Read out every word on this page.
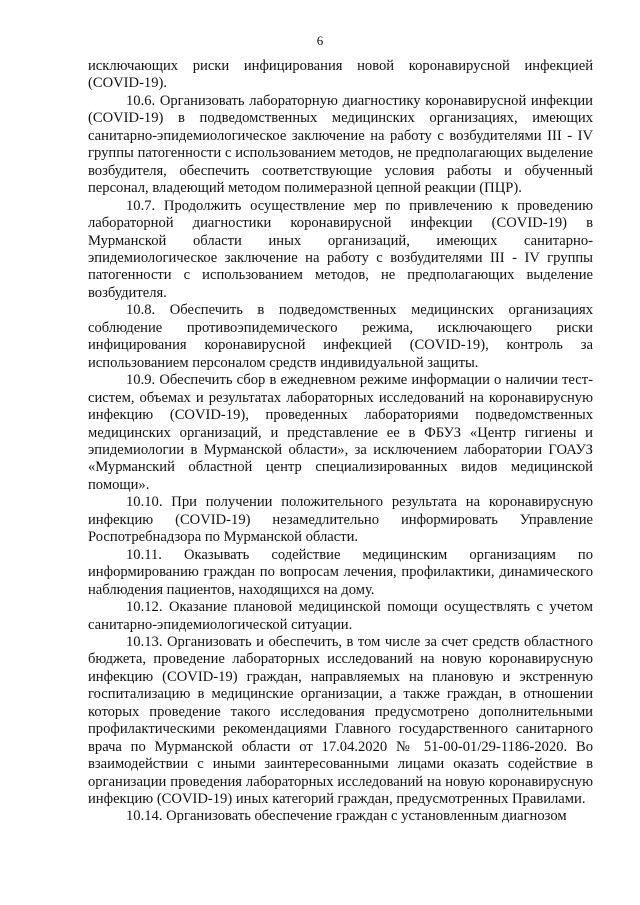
6

исключающих риски инфицирования новой коронавирусной инфекцией (COVID-19).

10.6. Организовать лабораторную диагностику коронавирусной инфекции (COVID-19) в подведомственных медицинских организациях, имеющих санитарно-эпидемиологическое заключение на работу с возбудителями III - IV группы патогенности с использованием методов, не предполагающих выделение возбудителя, обеспечить соответствующие условия работы и обученный персонал, владеющий методом полимеразной цепной реакции (ПЦР).

10.7. Продолжить осуществление мер по привлечению к проведению лабораторной диагностики коронавирусной инфекции (COVID-19) в Мурманской области иных организаций, имеющих санитарно-эпидемиологическое заключение на работу с возбудителями III - IV группы патогенности с использованием методов, не предполагающих выделение возбудителя.

10.8. Обеспечить в подведомственных медицинских организациях соблюдение противоэпидемического режима, исключающего риски инфицирования коронавирусной инфекцией (COVID-19), контроль за использованием персоналом средств индивидуальной защиты.

10.9. Обеспечить сбор в ежедневном режиме информации о наличии тест-систем, объемах и результатах лабораторных исследований на коронавирусную инфекцию (COVID-19), проведенных лабораториями подведомственных медицинских организаций, и представление ее в ФБУЗ «Центр гигиены и эпидемиологии в Мурманской области», за исключением лаборатории ГОАУЗ «Мурманский областной центр специализированных видов медицинской помощи».

10.10. При получении положительного результата на коронавирусную инфекцию (COVID-19) незамедлительно информировать Управление Роспотребнадзора по Мурманской области.

10.11. Оказывать содействие медицинским организациям по информированию граждан по вопросам лечения, профилактики, динамического наблюдения пациентов, находящихся на дому.

10.12. Оказание плановой медицинской помощи осуществлять с учетом санитарно-эпидемиологической ситуации.

10.13. Организовать и обеспечить, в том числе за счет средств областного бюджета, проведение лабораторных исследований на новую коронавирусную инфекцию (COVID-19) граждан, направляемых на плановую и экстренную госпитализацию в медицинские организации, а также граждан, в отношении которых проведение такого исследования предусмотрено дополнительными профилактическими рекомендациями Главного государственного санитарного врача по Мурманской области от 17.04.2020 № 51-00-01/29-1186-2020. Во взаимодействии с иными заинтересованными лицами оказать содействие в организации проведения лабораторных исследований на новую коронавирусную инфекцию (COVID-19) иных категорий граждан, предусмотренных Правилами.

10.14. Организовать обеспечение граждан с установленным диагнозом
